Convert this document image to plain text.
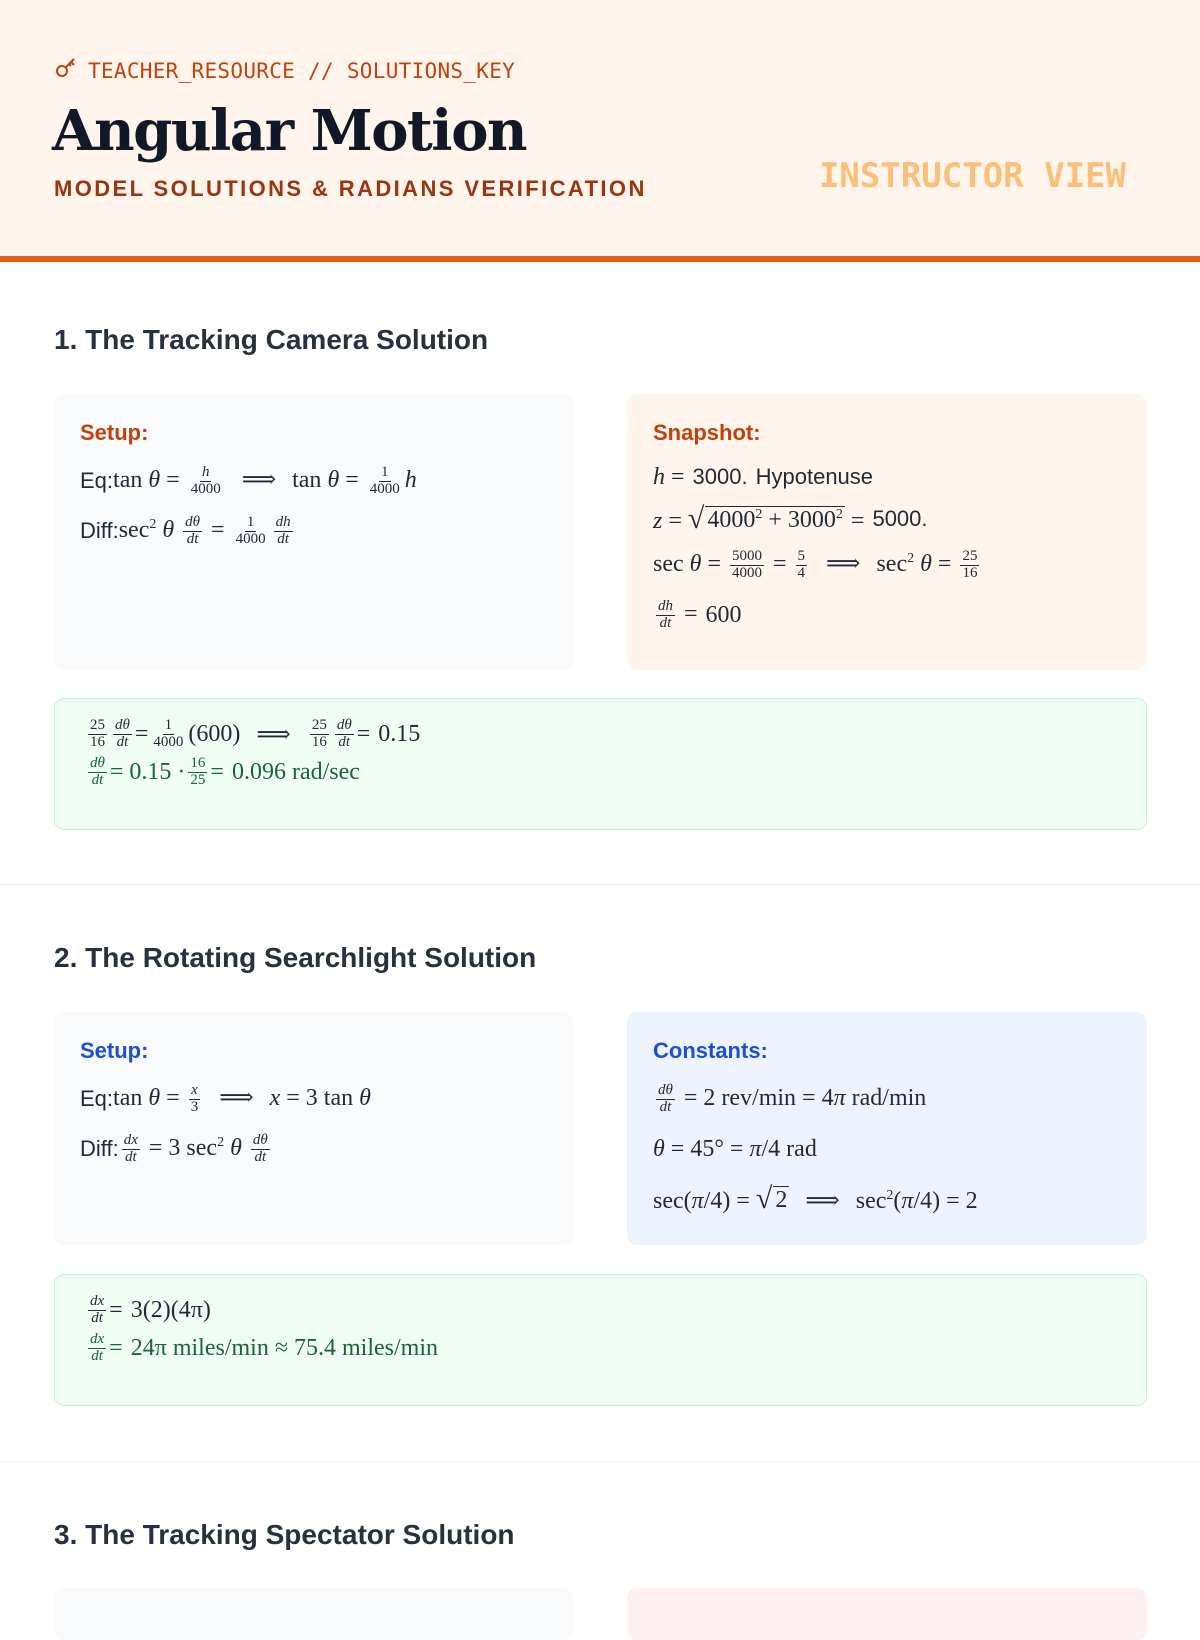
TEACHER_RESOURCE // SOLUTIONS_KEY
Angular Motion
MODEL SOLUTIONS & RADIANS VERIFICATION	INSTRUCTOR VIEW
1. The Tracking Camera Solution
Setup:
Eq: $\tan \theta = \frac{h}{4000}$ ⟹ $\tan \theta = \frac{1}{4000}$ h
Diff: $\sec^2 \theta \frac{d\theta}{dt} = \frac{1}{4000} \frac{dh}{dt}$
Snapshot:
h = 3000. Hypotenuse
z = √ $4000^2 + 3000^2 = 5000$.
$\sec \theta = \frac{5000}{4000} = \frac{5}{4}$ ⟹ $\sec^2 \theta = \frac{25}{16}$
$\frac{dh}{dt} = 600$
$\frac{25}{16} \frac{d\theta}{dt} = \frac{1}{4000} (600)$ ⟹ $\frac{25}{16} \frac{d\theta}{dt} = 0.15$
$\frac{d\theta}{dt} = 0.15 \cdot \frac{16}{25} = 0.096$ rad/sec
2. The Rotating Searchlight Solution
Setup:
Eq: $\tan \theta = \frac{x}{3}$ ⟹ x = 3 tan θ
Diff: $\frac{dx}{dt} = 3$ $\sec^2 \theta \frac{d\theta}{dt}$
Constants:
$\frac{d\theta}{dt} = 2$ rev/min = 4π rad/min
θ = 45° = π/4 rad
sec(π/4) = √ 2 ⟹ $\sec^2(\pi/4) = 2$
$\frac{dx}{dt} = 3(2)(4\pi)$
$\frac{dx}{dt} = 24\pi$ miles/min ≈ 75.4 miles/min
3. The Tracking Spectator Solution
